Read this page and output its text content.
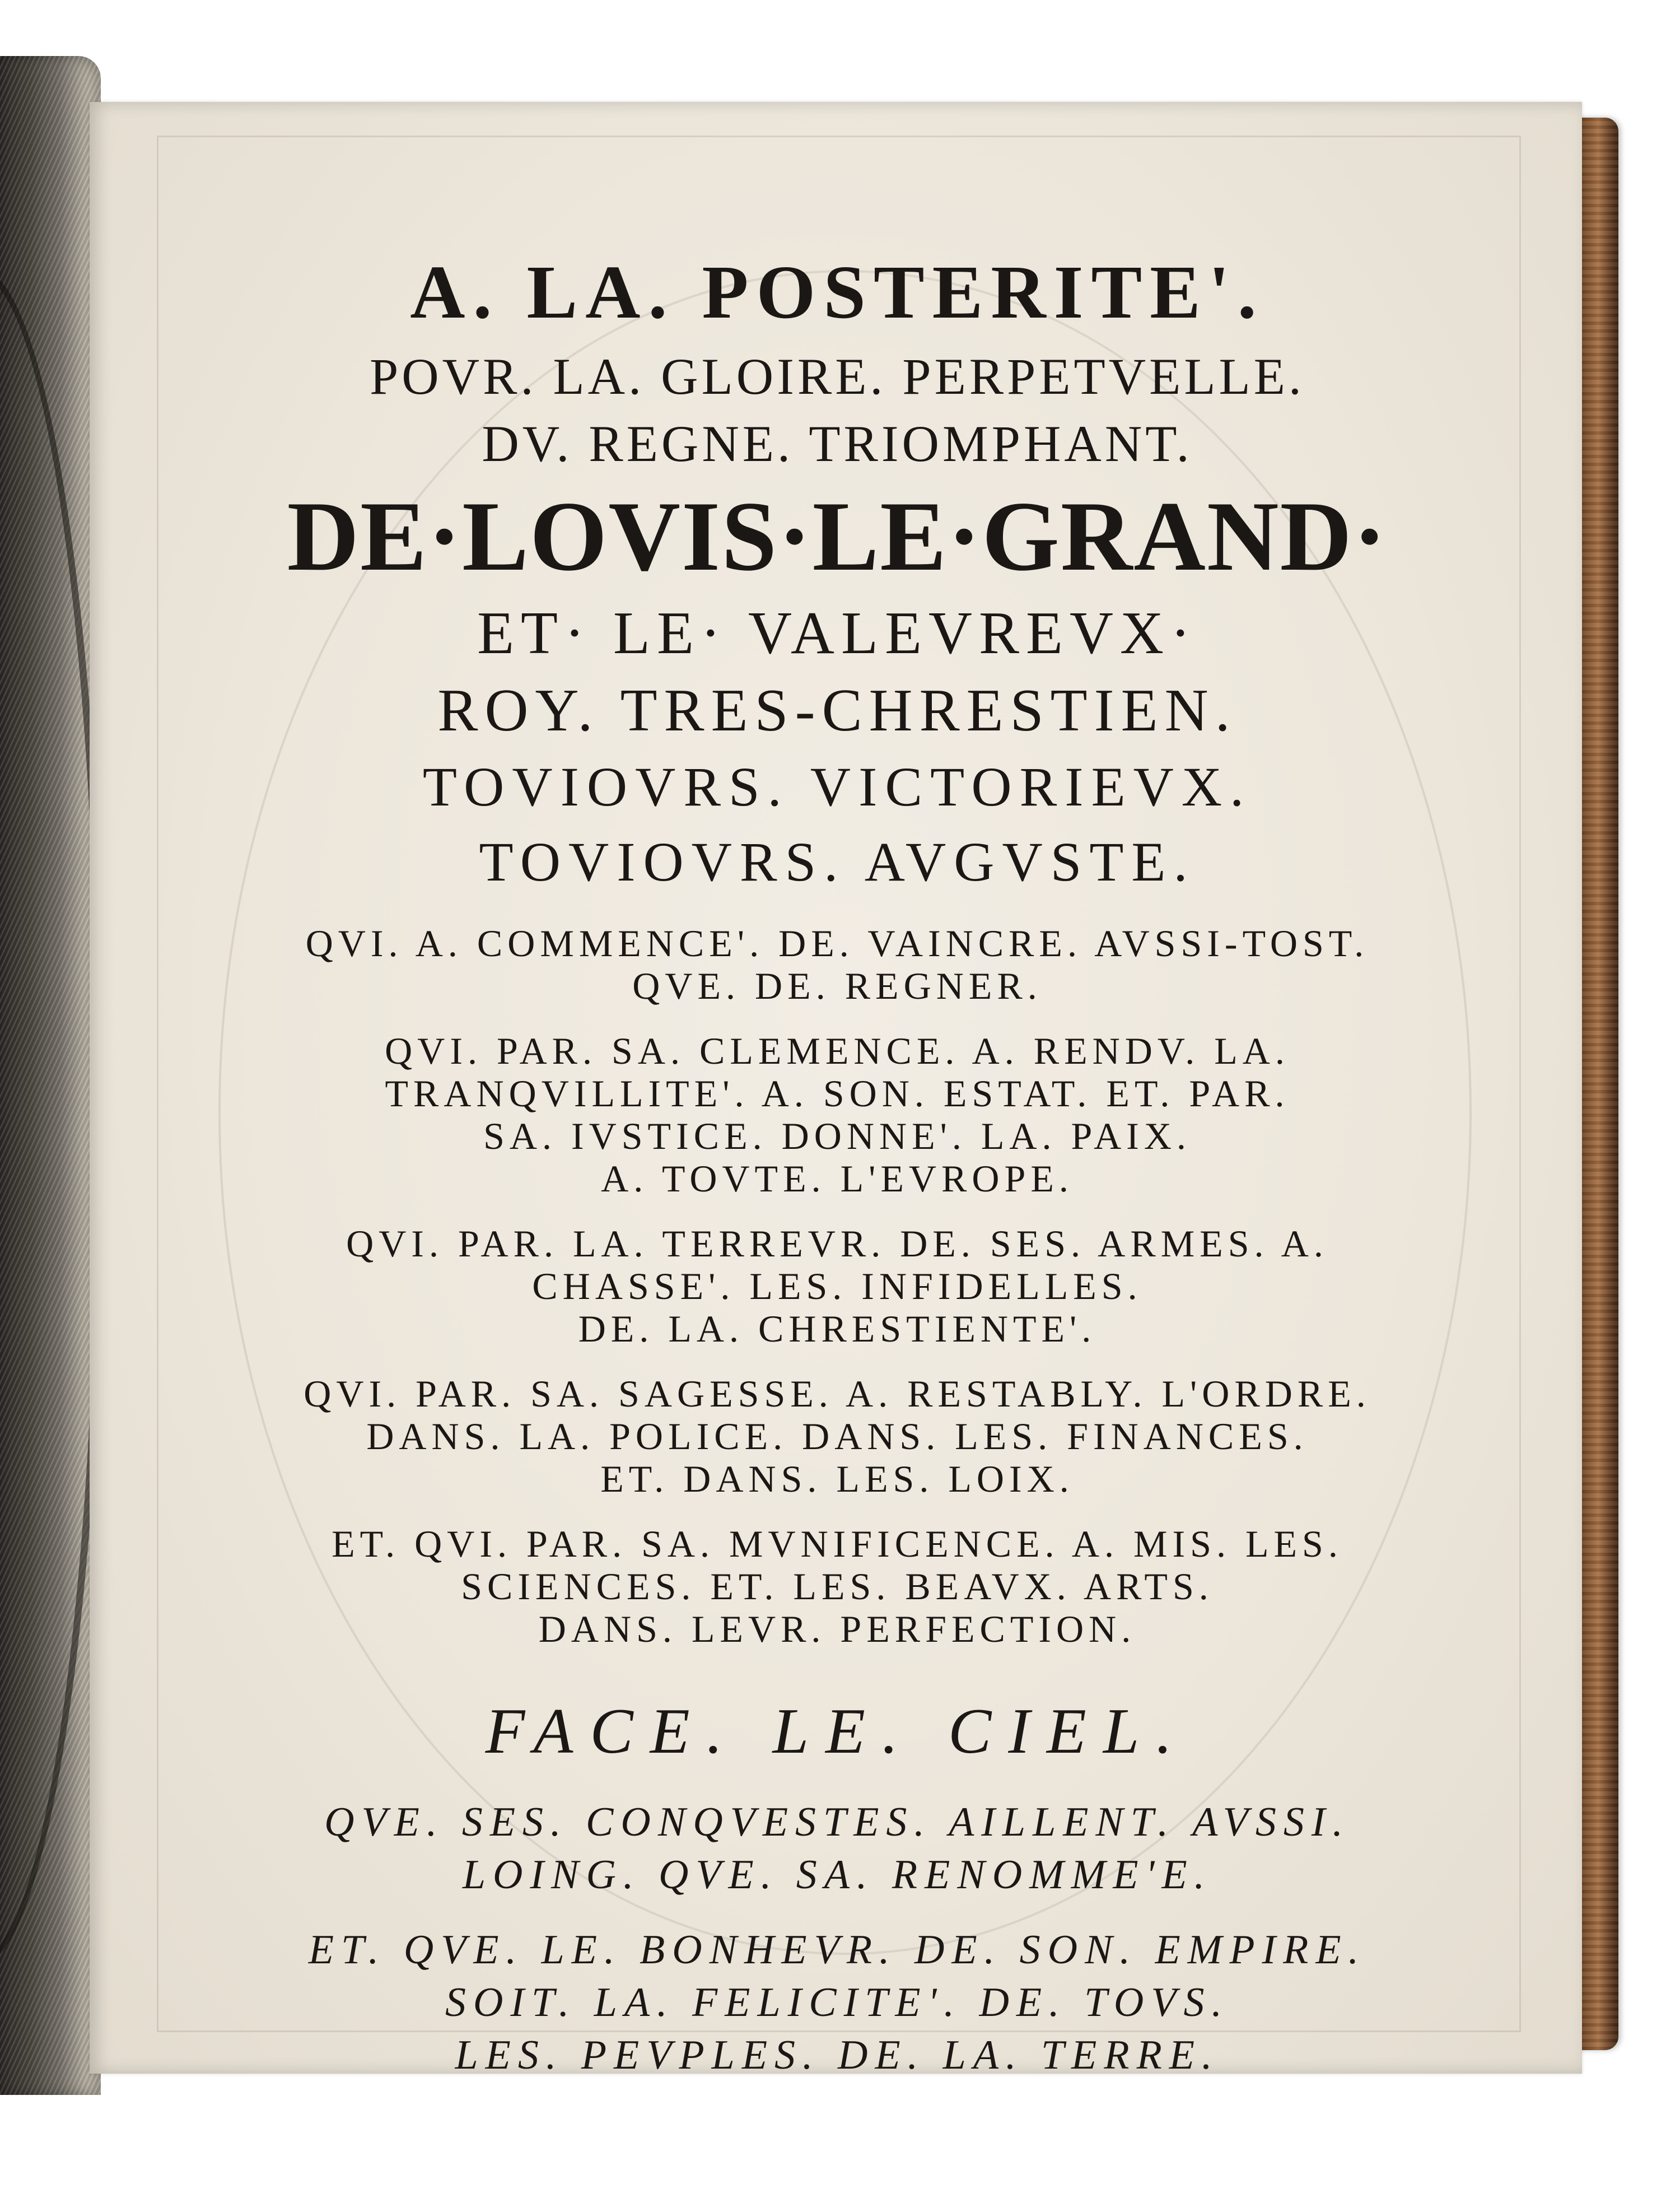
A. LA. POSTERITE'.
POVR. LA. GLOIRE. PERPETVELLE.
DV. REGNE. TRIOMPHANT.
DE·LOVIS·LE·GRAND·
ET· LE· VALEVREVX·
ROY. TRES-CHRESTIEN.
TOVIOVRS. VICTORIEVX.
TOVIOVRS. AVGVSTE.
QVI. A. COMMENCE'. DE. VAINCRE. AVSSI-TOST.
QVE. DE. REGNER.
QVI. PAR. SA. CLEMENCE. A. RENDV. LA.
TRANQVILLITE'. A. SON. ESTAT. ET. PAR.
SA. IVSTICE. DONNE'. LA. PAIX.
A. TOVTE. L'EVROPE.
QVI. PAR. LA. TERREVR. DE. SES. ARMES. A.
CHASSE'. LES. INFIDELLES.
DE. LA. CHRESTIENTE'.
QVI. PAR. SA. SAGESSE. A. RESTABLY. L'ORDRE.
DANS. LA. POLICE. DANS. LES. FINANCES.
ET. DANS. LES. LOIX.
ET. QVI. PAR. SA. MVNIFICENCE. A. MIS. LES.
SCIENCES. ET. LES. BEAVX. ARTS.
DANS. LEVR. PERFECTION.
FACE. LE. CIEL.
QVE. SES. CONQVESTES. AILLENT. AVSSI.
LOING. QVE. SA. RENOMME'E.
ET. QVE. LE. BONHEVR. DE. SON. EMPIRE.
SOIT. LA. FELICITE'. DE. TOVS.
LES. PEVPLES. DE. LA. TERRE.
